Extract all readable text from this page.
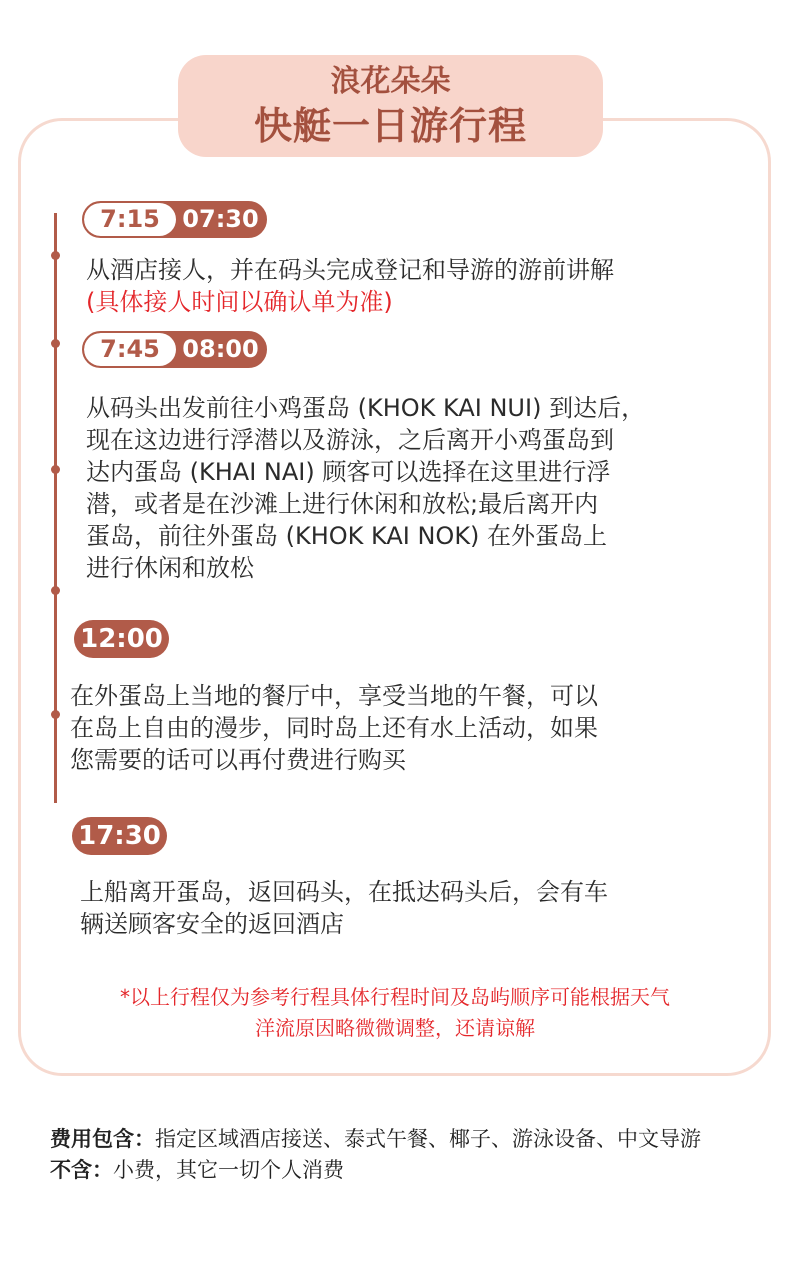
浪花朵朵
快艇一日游行程
7:15 07:30
从酒店接人，并在码头完成登记和导游的游前讲解
(具体接人时间以确认单为准)
7:45 08:00
从码头出发前往小鸡蛋岛 (KHOK KAI NUI) 到达后，
现在这边进行浮潜以及游泳，之后离开小鸡蛋岛到
达内蛋岛 (KHAI NAI) 顾客可以选择在这里进行浮
潜，或者是在沙滩上进行休闲和放松;最后离开内
蛋岛，前往外蛋岛 (KHOK KAI NOK) 在外蛋岛上
进行休闲和放松
12:00
在外蛋岛上当地的餐厅中，享受当地的午餐，可以
在岛上自由的漫步，同时岛上还有水上活动，如果
您需要的话可以再付费进行购买
17:30
上船离开蛋岛，返回码头，在抵达码头后，会有车
辆送顾客安全的返回酒店
*以上行程仅为参考行程具体行程时间及岛屿顺序可能根据天气
洋流原因略微微调整，还请谅解
费用包含：指定区域酒店接送、泰式午餐、椰子、游泳设备、中文导游
不含：小费，其它一切个人消费
